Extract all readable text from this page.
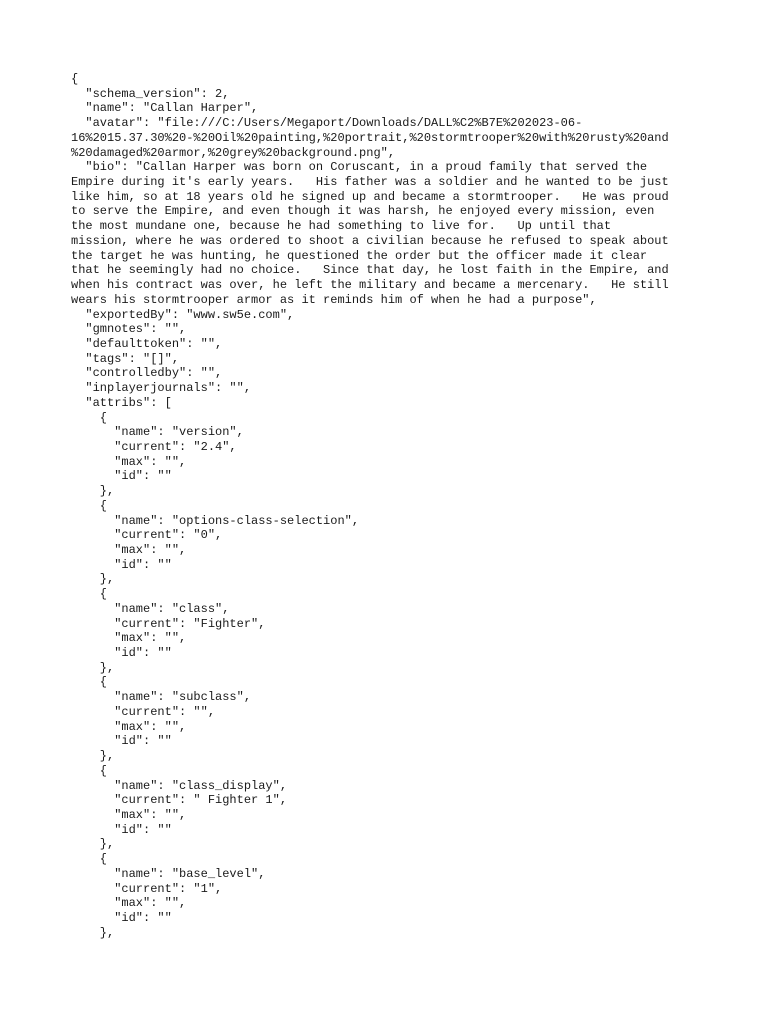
{
"schema_version": 2,
"name": "Callan Harper",
"avatar": "file:///C:/Users/Megaport/Downloads/DALL%C2%B7E%202023-06-
16%2015.37.30%20-%20Oil%20painting,%20portrait,%20stormtrooper%20with%20rusty%20and
%20damaged%20armor,%20grey%20background.png",
"bio": "Callan Harper was born on Coruscant, in a proud family that served the
Empire during it's early years.   His father was a soldier and he wanted to be just
like him, so at 18 years old he signed up and became a stormtrooper.   He was proud
to serve the Empire, and even though it was harsh, he enjoyed every mission, even
the most mundane one, because he had something to live for.   Up until that
mission, where he was ordered to shoot a civilian because he refused to speak about
the target he was hunting, he questioned the order but the officer made it clear
that he seemingly had no choice.   Since that day, he lost faith in the Empire, and
when his contract was over, he left the military and became a mercenary.   He still
wears his stormtrooper armor as it reminds him of when he had a purpose",
"exportedBy": "www.sw5e.com",
"gmnotes": "",
"defaulttoken": "",
"tags": "[]",
"controlledby": "",
"inplayerjournals": "",
"attribs": [
{
"name": "version",
"current": "2.4",
"max": "",
"id": ""
},
{
"name": "options-class-selection",
"current": "0",
"max": "",
"id": ""
},
{
"name": "class",
"current": "Fighter",
"max": "",
"id": ""
},
{
"name": "subclass",
"current": "",
"max": "",
"id": ""
},
{
"name": "class_display",
"current": " Fighter 1",
"max": "",
"id": ""
},
{
"name": "base_level",
"current": "1",
"max": "",
"id": ""
},
